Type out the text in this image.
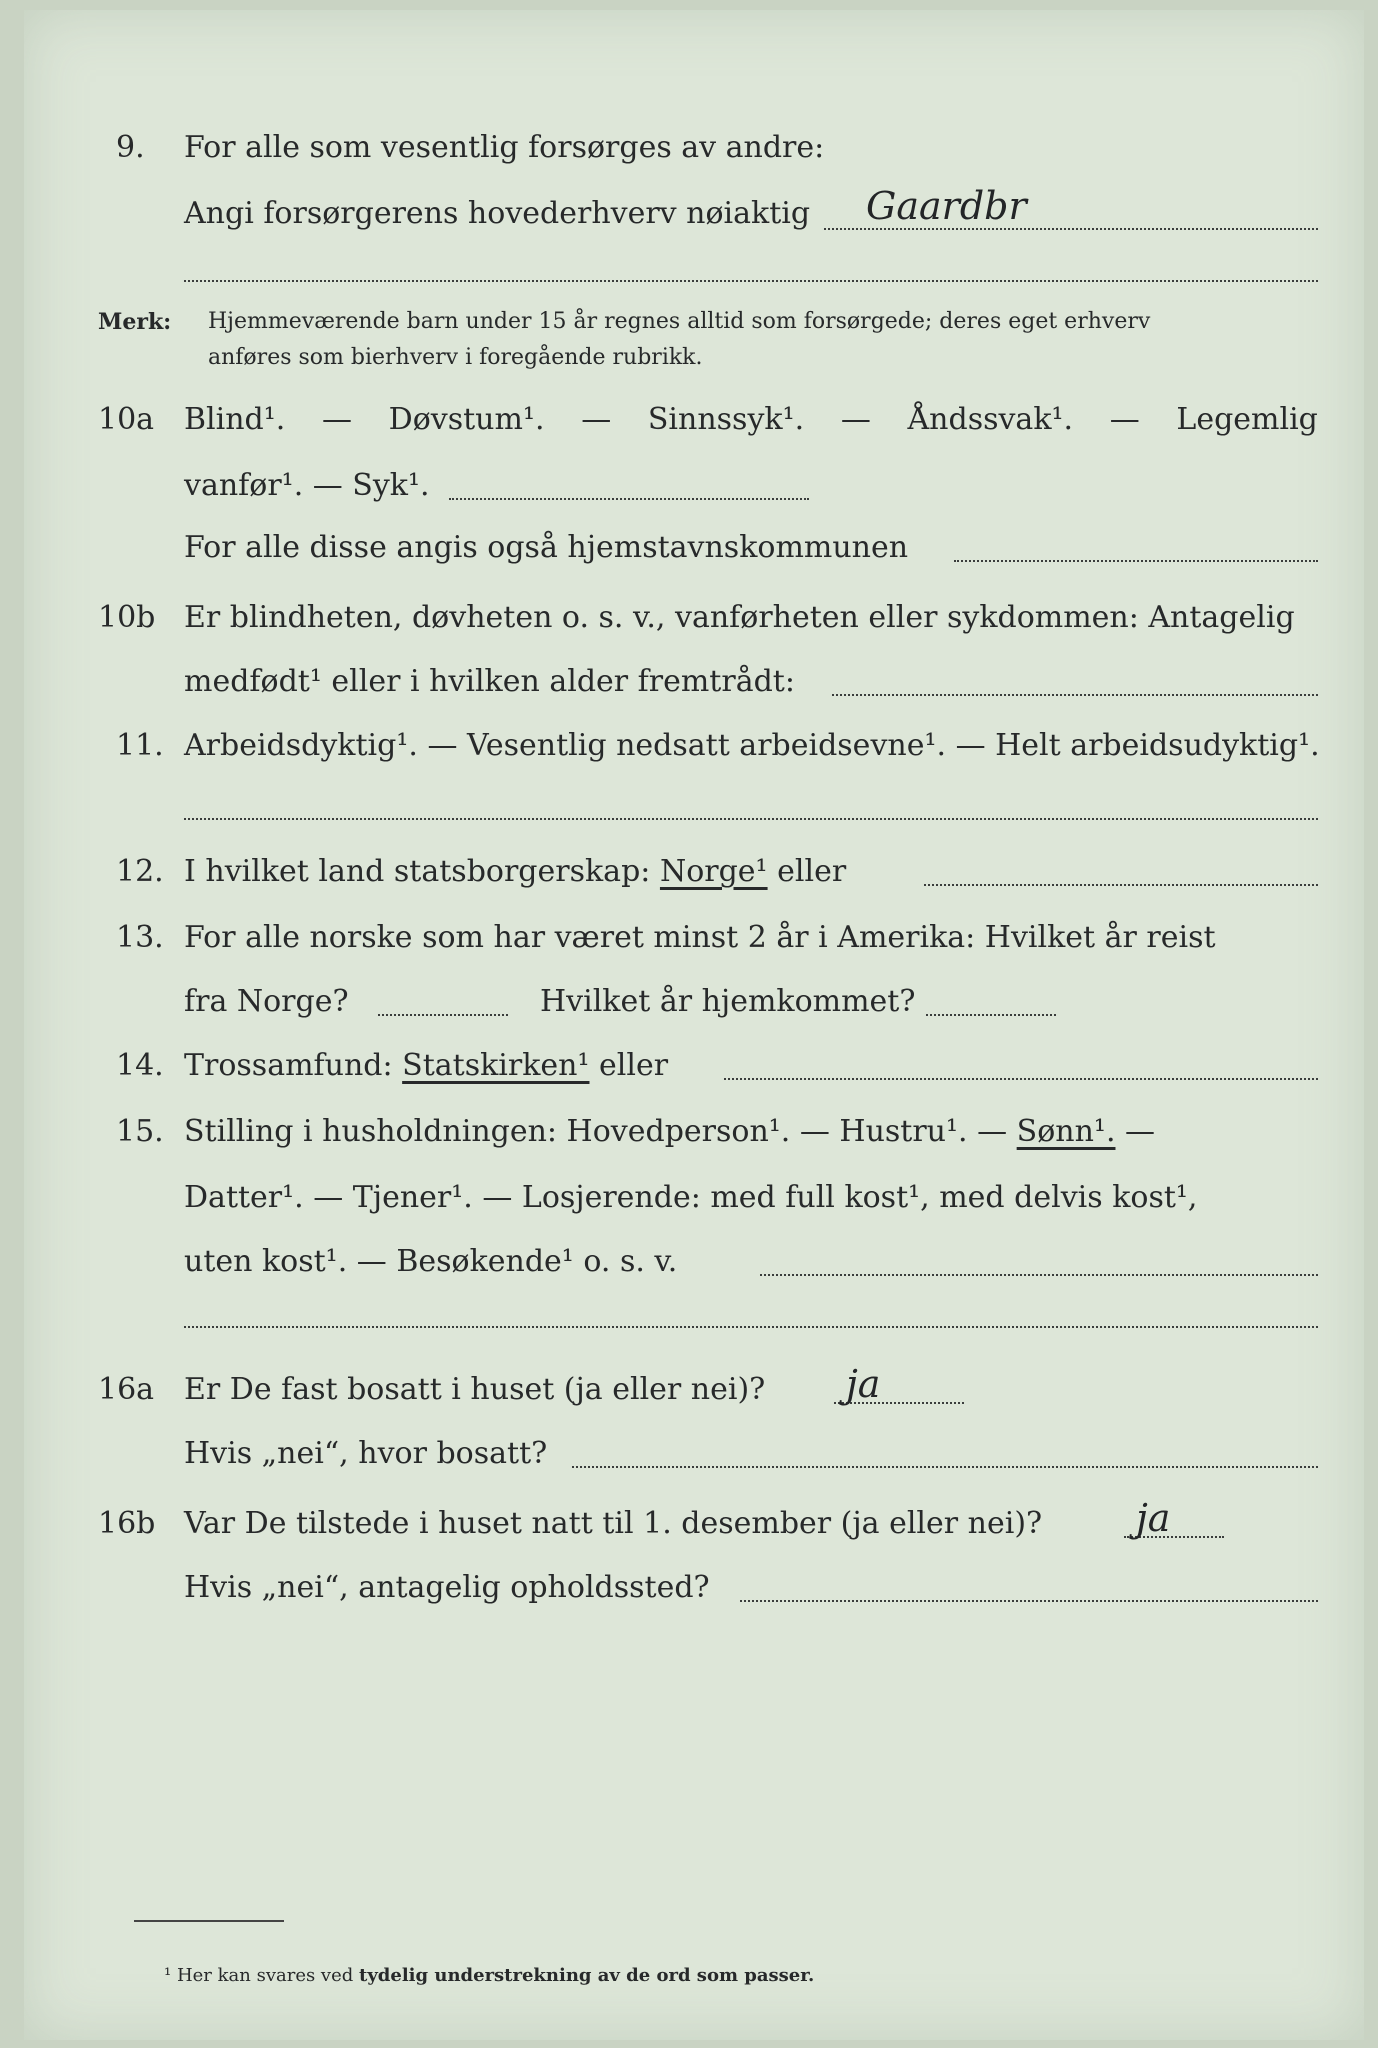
9. For alle som vesentlig forsørges av andre:
Angi forsørgerens hovederhverv nøiaktig Gaardbr
Merk: Hjemmeværende barn under 15 år regnes alltid som forsørgede; deres eget erhverv
anføres som bierhverv i foregående rubrikk.
10a Blind¹. — Døvstum¹. — Sinnssyk¹. — Åndssvak¹. — Legemlig
vanfør¹. — Syk¹.
For alle disse angis også hjemstavnskommunen
10b Er blindheten, døvheten o. s. v., vanførheten eller sykdommen: Antagelig
medfødt¹ eller i hvilken alder fremtrådt:
11. Arbeidsdyktig¹. — Vesentlig nedsatt arbeidsevne¹. — Helt arbeidsudyktig¹.
12. I hvilket land statsborgerskap: Norge¹ eller
13. For alle norske som har været minst 2 år i Amerika: Hvilket år reist
fra Norge?	Hvilket år hjemkommet?
14. Trossamfund: Statskirken¹ eller
15. Stilling i husholdningen: Hovedperson¹. — Hustru¹. — Sønn¹. —
Datter¹. — Tjener¹. — Losjerende: med full kost¹, med delvis kost¹,
uten kost¹. — Besøkende¹ o. s. v.
16a Er De fast bosatt i huset (ja eller nei)? ja
Hvis „nei“, hvor bosatt?
16b Var De tilstede i huset natt til 1. desember (ja eller nei)? ja
Hvis „nei“, antagelig opholdssted?
¹ Her kan svares ved tydelig understrekning av de ord som passer.
